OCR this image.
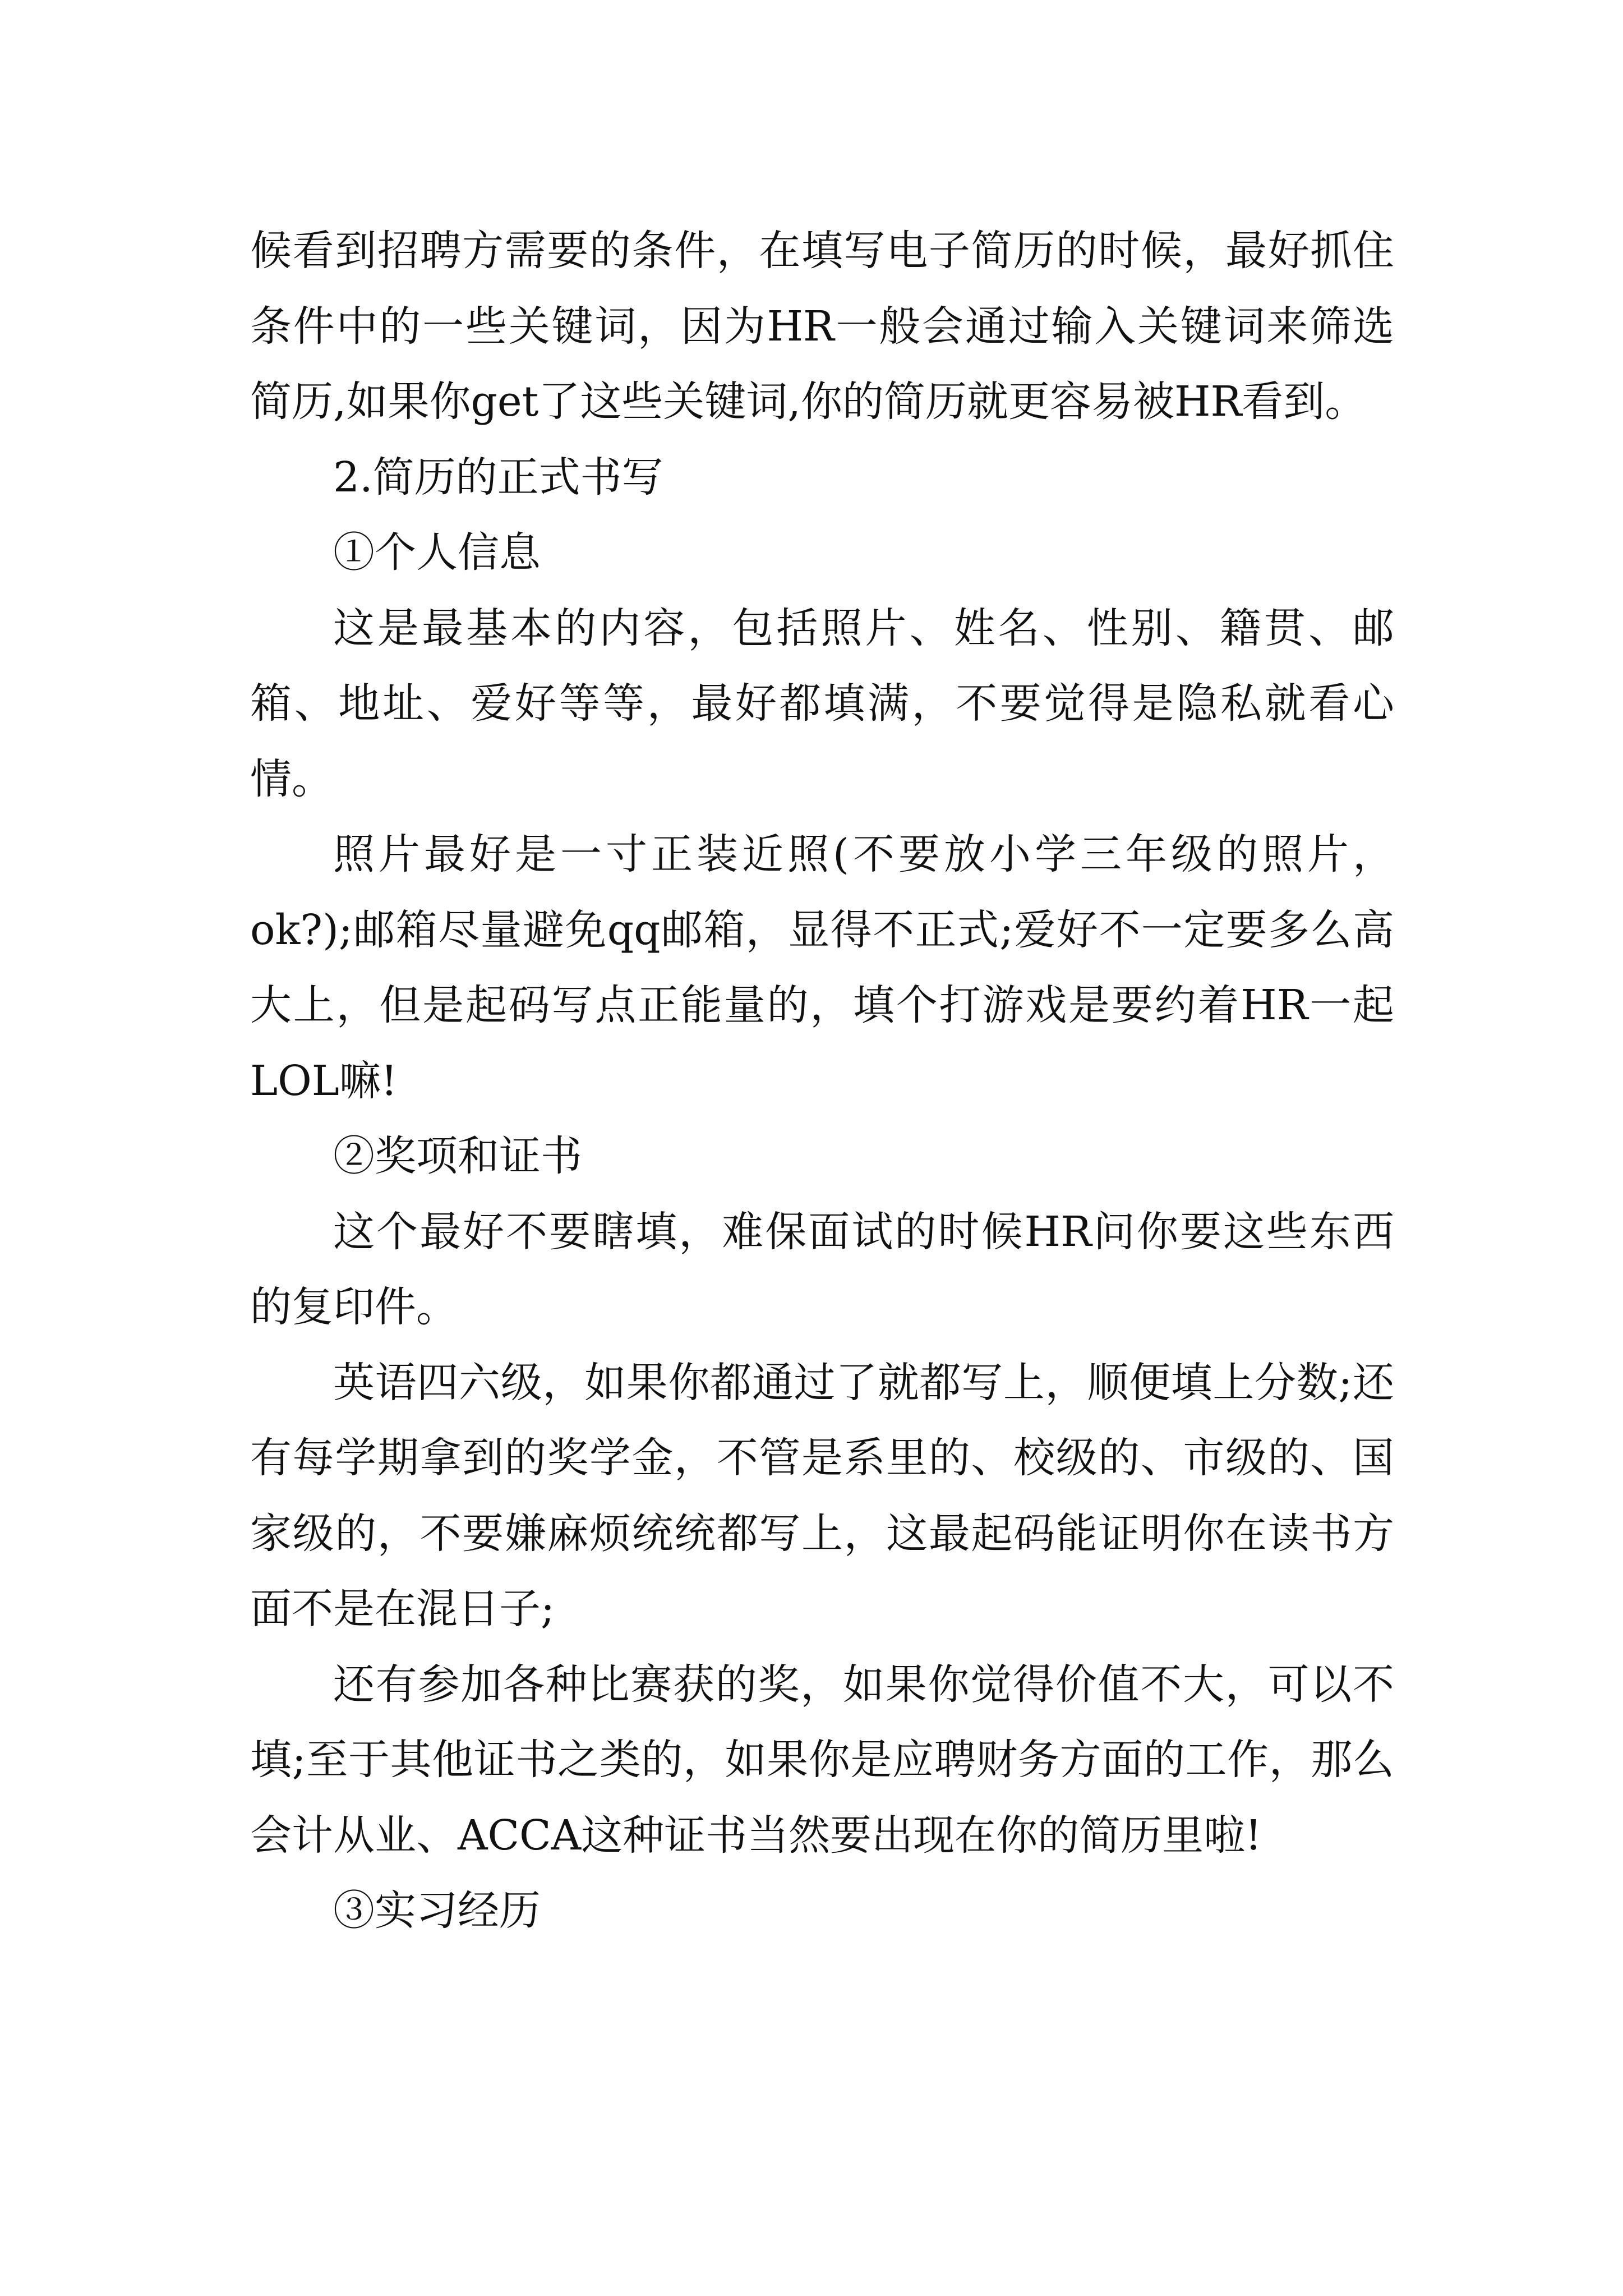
候看到招聘方需要的条件，在填写电子简历的时候，最好抓住条件中的一些关键词，因为HR一般会通过输入关键词来筛选简历,如果你get了这些关键词,你的简历就更容易被HR看到。

2.简历的正式书写

①个人信息

这是最基本的内容，包括照片、姓名、性别、籍贯、邮箱、地址、爱好等等，最好都填满，不要觉得是隐私就看心情。

照片最好是一寸正装近照(不要放小学三年级的照片，ok?);邮箱尽量避免qq邮箱，显得不正式;爱好不一定要多么高大上，但是起码写点正能量的，填个打游戏是要约着HR一起LOL嘛!

②奖项和证书

这个最好不要瞎填，难保面试的时候HR问你要这些东西的复印件。

英语四六级，如果你都通过了就都写上，顺便填上分数;还有每学期拿到的奖学金，不管是系里的、校级的、市级的、国家级的，不要嫌麻烦统统都写上，这最起码能证明你在读书方面不是在混日子;

还有参加各种比赛获的奖，如果你觉得价值不大，可以不填;至于其他证书之类的，如果你是应聘财务方面的工作，那么会计从业、ACCA这种证书当然要出现在你的简历里啦!

③实习经历
